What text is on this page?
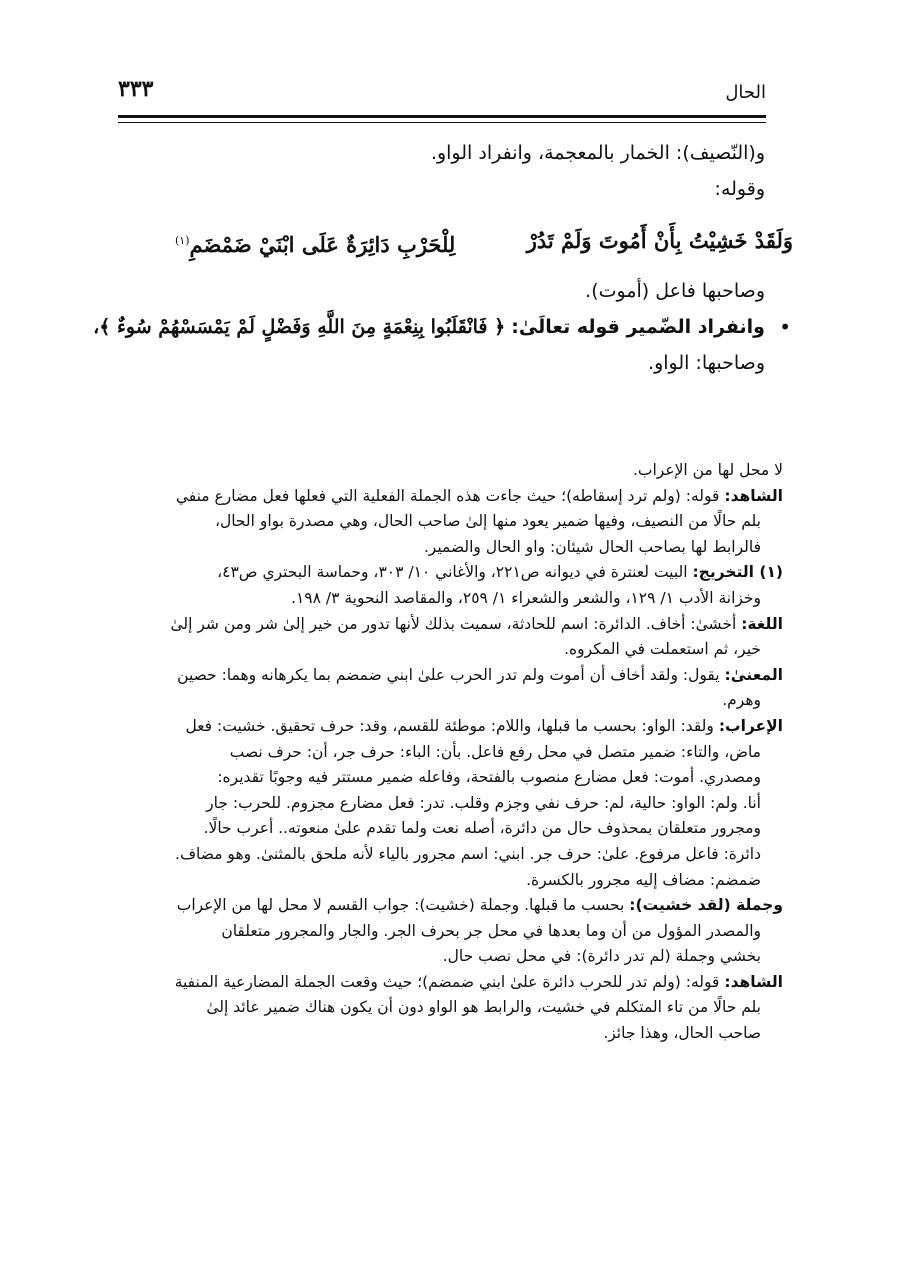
الحال
٣٣٣
و(النّصيف): الخمار بالمعجمة، وانفراد الواو.
وقوله:
وَلَقَدْ خَشِيْتُ بِأَنْ أَمُوتَ وَلَمْ تَدُرْ
لِلْحَرْبِ دَائِرَةٌ عَلَى ابْنَيْ ضَمْضَمِ$^{(١)}$
وصاحبها فاعل (أموت).
•
وانفراد الضّمير قوله تعالَىٰ: ﴿ فَانْقَلَبُوا بِنِعْمَةٍ مِنَ اللَّهِ وَفَضْلٍ لَمْ يَمْسَسْهُمْ سُوءٌ ﴾،
وصاحبها: الواو.
لا محل لها من الإعراب.
الشاهد: قوله: (ولم ترد إسقاطه)؛ حيث جاءت هذه الجملة الفعلية التي فعلها فعل مضارع منفي
بلم حالًا من النصيف، وفيها ضمير يعود منها إلىٰ صاحب الحال، وهي مصدرة بواو الحال،
فالرابط لها بصاحب الحال شيئان: واو الحال والضمير.
(١) التخريج: البيت لعنترة في ديوانه ص٢٢١، والأغاني ١٠/ ٣٠٣، وحماسة البحتري ص٤٣،
وخزانة الأدب ١/ ١٢٩، والشعر والشعراء ١/ ٢٥٩، والمقاصد النحوية ٣/ ١٩٨.
اللغة: أخشىٰ: أخاف. الدائرة: اسم للحادثة، سميت بذلك لأنها تدور من خير إلىٰ شر ومن شر إلىٰ
خير، ثم استعملت في المكروه.
المعنىٰ: يقول: ولقد أخاف أن أموت ولم تدر الحرب علىٰ ابني ضمضم بما يكرهانه وهما: حصين
وهرم.
الإعراب: ولقد: الواو: بحسب ما قبلها، واللام: موطئة للقسم، وقد: حرف تحقيق. خشيت: فعل
ماض، والتاء: ضمير متصل في محل رفع فاعل. بأن: الباء: حرف جر، أن: حرف نصب
ومصدري. أموت: فعل مضارع منصوب بالفتحة، وفاعله ضمير مستتر فيه وجوبًا تقديره:
أنا. ولم: الواو: حالية، لم: حرف نفي وجزم وقلب. تدر: فعل مضارع مجزوم. للحرب: جار
ومجرور متعلقان بمحذوف حال من دائرة، أصله نعت ولما تقدم علىٰ منعوته.. أعرب حالًا.
دائرة: فاعل مرفوع. علىٰ: حرف جر. ابني: اسم مجرور بالياء لأنه ملحق بالمثنىٰ. وهو مضاف.
ضمضم: مضاف إليه مجرور بالكسرة.
وجملة (لقد خشيت): بحسب ما قبلها. وجملة (خشيت): جواب القسم لا محل لها من الإعراب
والمصدر المؤول من أن وما بعدها في محل جر بحرف الجر. والجار والمجرور متعلقان
بخشي وجملة (لم تدر دائرة): في محل نصب حال.
الشاهد: قوله: (ولم تدر للحرب دائرة علىٰ ابني ضمضم)؛ حيث وقعت الجملة المضارعية المنفية
بلم حالًا من تاء المتكلم في خشيت، والرابط هو الواو دون أن يكون هناك ضمير عائد إلىٰ
صاحب الحال، وهذا جائز.
